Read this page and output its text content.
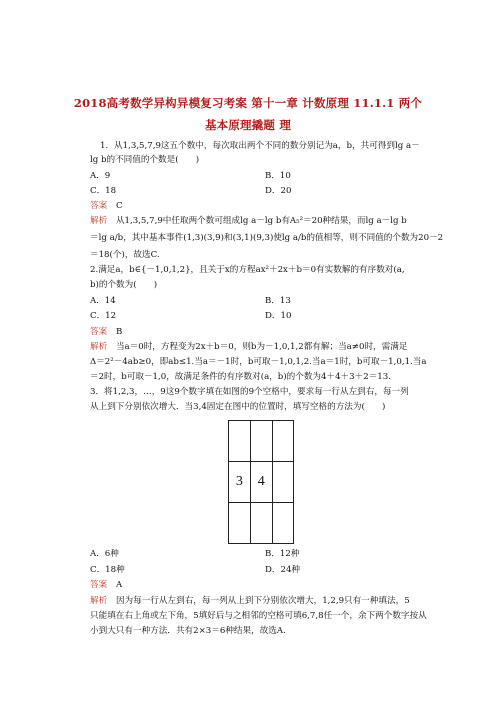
2018高考数学异构异模复习考案 第十一章 计数原理 11.1.1 两个
基本原理撬题 理
1．从1,3,5,7,9这五个数中，每次取出两个不同的数分别记为a，b，共可得到lg a－
lg b的不同值的个数是(　　)
A．9	B．10
C．18	D．20
答案 C
解析 从1,3,5,7,9中任取两个数可组成lg a－lg b有A₅²＝20种结果，而lg a－lg b
＝lg a/b，其中基本事件(1,3)(3,9)和(3,1)(9,3)使lg a/b的值相等，则不同值的个数为20－2
＝18(个)，故选C.
2.满足a，b∈{－1,0,1,2}，且关于x的方程ax²＋2x＋b＝0有实数解的有序数对(a,
b)的个数为(　　)
A．14	B．13
C．12	D．10
答案 B
解析 当a＝0时，方程变为2x＋b＝0，则b为－1,0,1,2都有解；当a≠0时，需满足
Δ＝2²－4ab≥0，即ab≤1.当a＝－1时，b可取－1,0,1,2.当a＝1时，b可取－1,0,1.当a
＝2时，b可取－1,0，故满足条件的有序数对(a，b)的个数为4＋4＋3＋2＝13.
3．将1,2,3，…，9这9个数字填在如图的9个空格中，要求每一行从左到右，每一列
从上到下分别依次增大．当3,4固定在图中的位置时，填写空格的方法为(　　)

3	4	

A．6种	B．12种
C．18种	D．24种
答案 A
解析 因为每一行从左到右，每一列从上到下分别依次增大，1,2,9只有一种填法，5
只能填在右上角或左下角，5填好后与之相邻的空格可填6,7,8任一个，余下两个数字按从
小到大只有一种方法．共有2×3＝6种结果，故选A.
